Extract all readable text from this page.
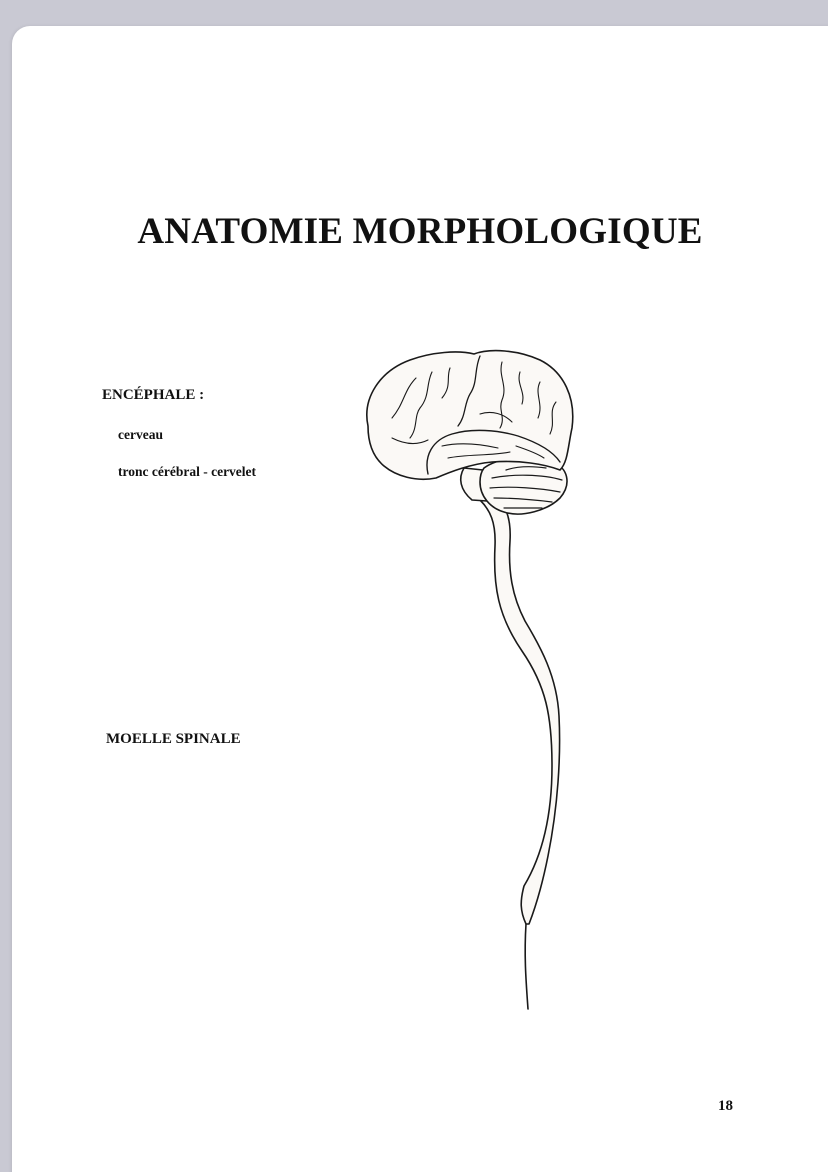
ANATOMIE MORPHOLOGIQUE

ENCÉPHALE :

cerveau

tronc cérébral - cervelet

MOELLE SPINALE

18
